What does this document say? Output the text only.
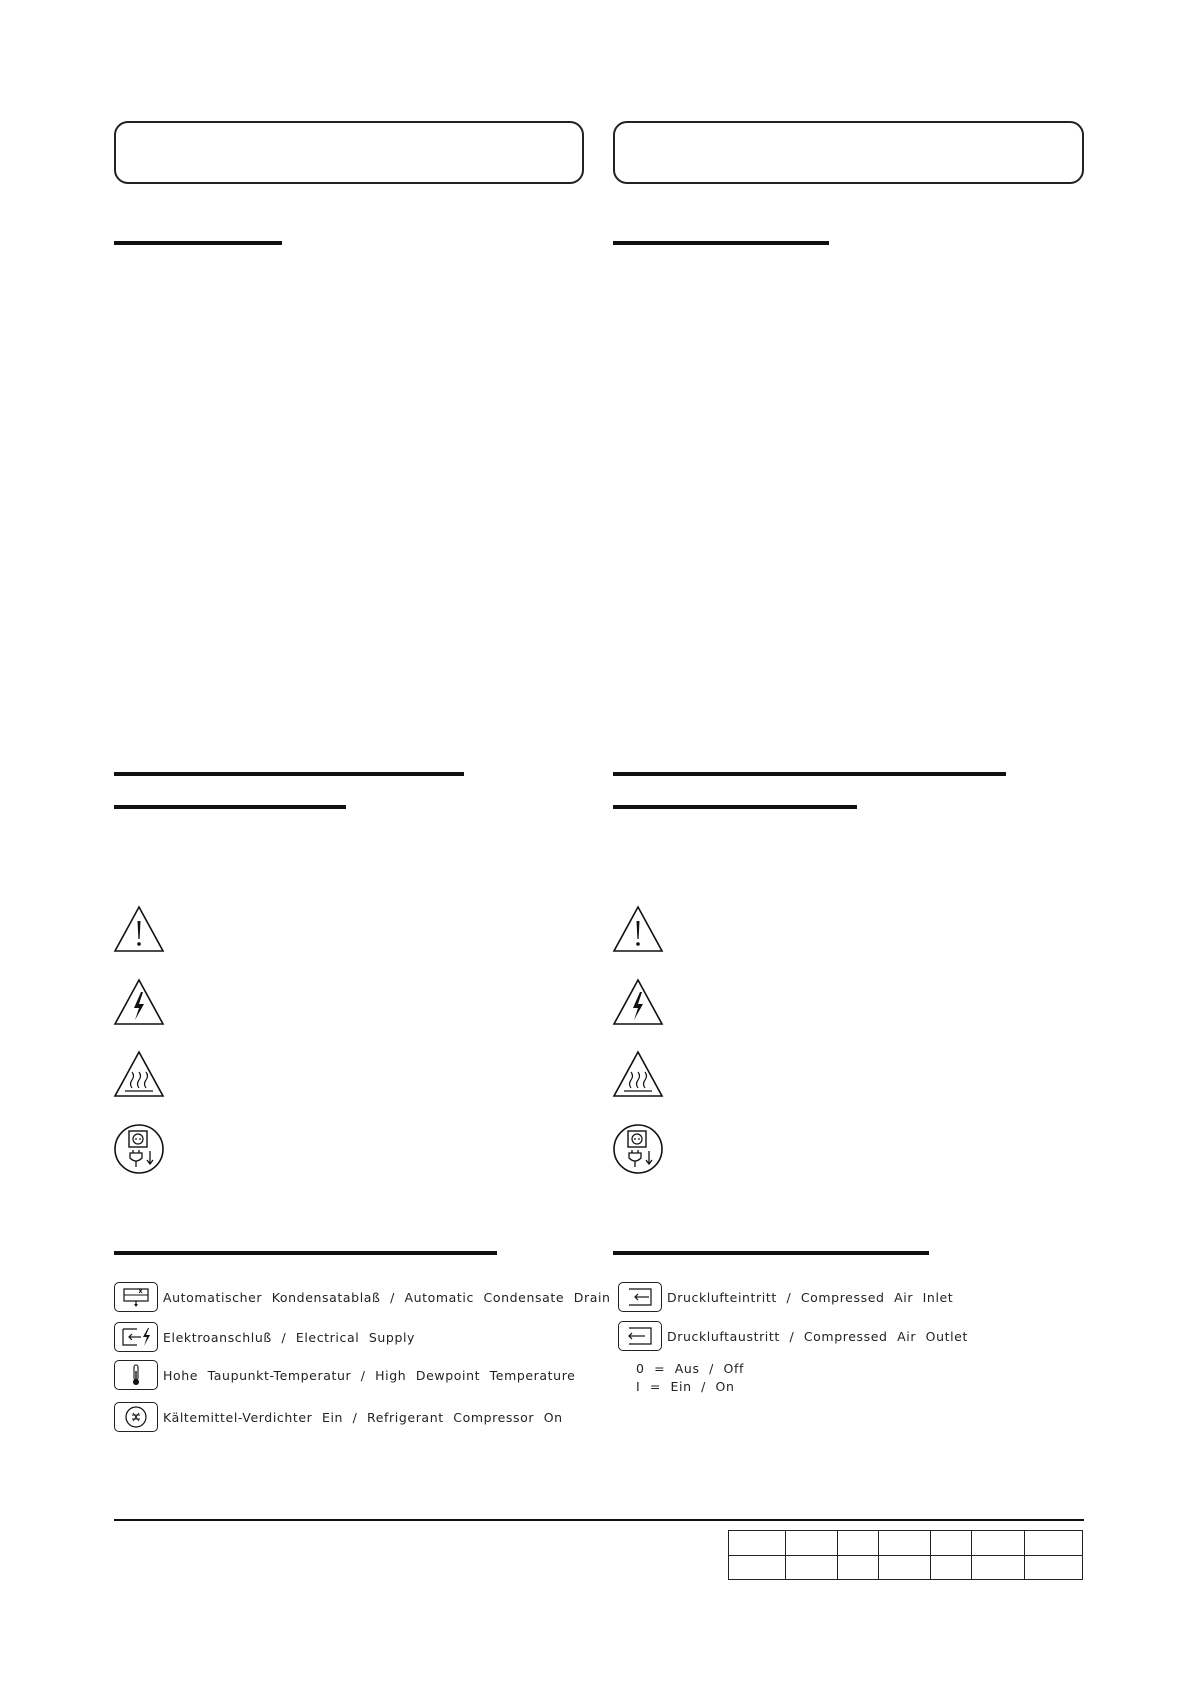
Automatischer Kondensatablaß / Automatic Condensate Drain
Elektroanschluß / Electrical Supply
Hohe Taupunkt-Temperatur / High Dewpoint Temperature
Kältemittel-Verdichter Ein / Refrigerant Compressor On
Drucklufteintritt / Compressed Air Inlet
Druckluftaustritt / Compressed Air Outlet
0 = Aus / Off
I = Ein / On
